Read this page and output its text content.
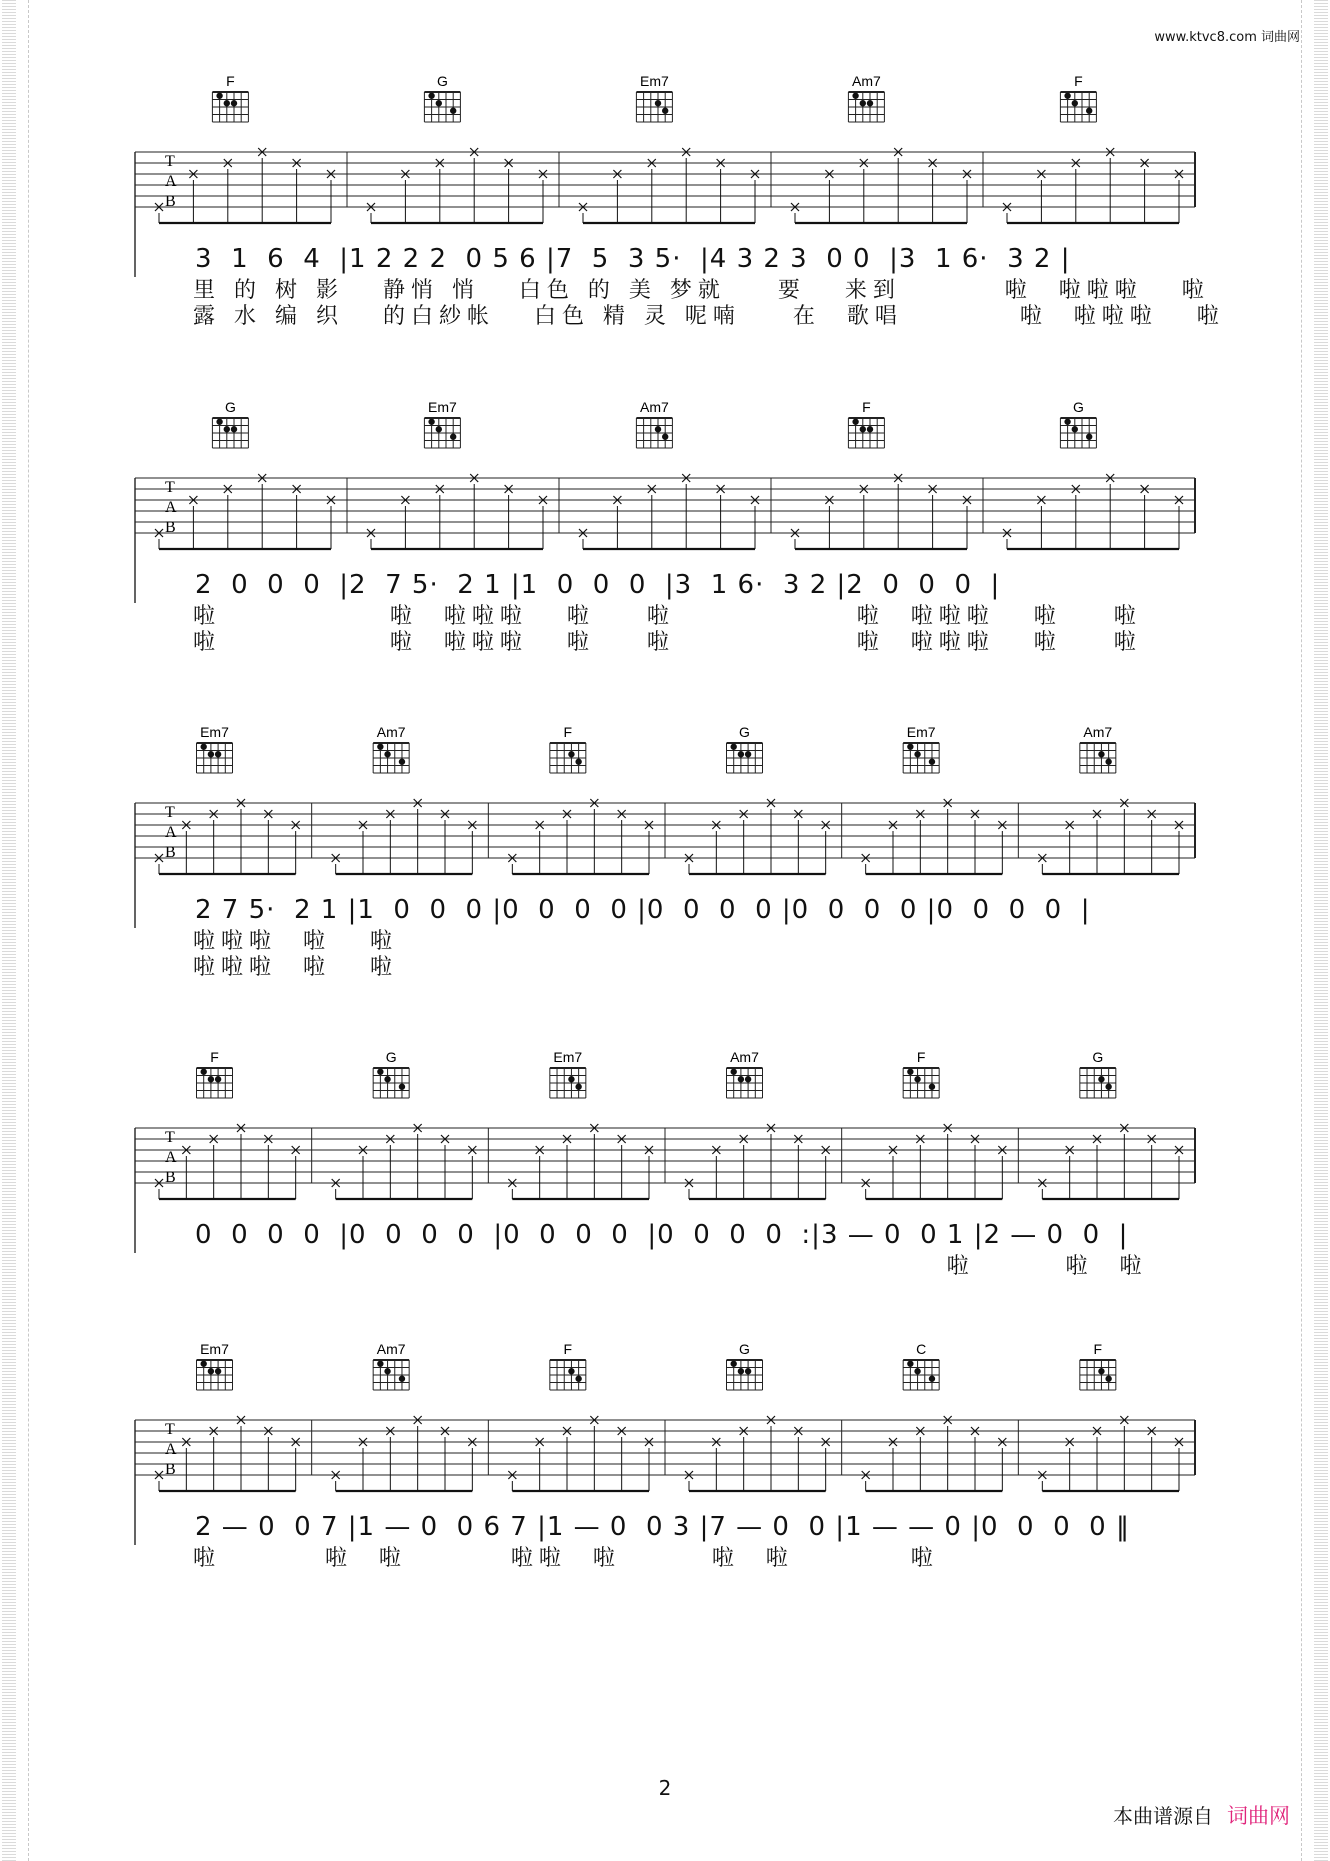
www.ktvc8.com 词曲网
T
A
B
F	G	Em7	Am7	F
3  1  6  4  |1 2 2 2  0 5 6 |7  5  3 5·  |4 3 2 3  0 0  |3  1 6·  3 2 |
里 的 树 影   静悄 悄   白色 的 美 梦就    要   来到        啦  啦啦啦   啦
露 水 编 织   的白紗帐   白色 精 灵 呢喃    在  歌唱         啦  啦啦啦   啦
T
A
B
G	Em7	Am7	F	G
2  0  0  0  |2  7 5·  2 1 |1  0  0  0  |3  1 6·  3 2 |2  0  0  0  |
啦             啦  啦啦啦   啦    啦              啦  啦啦啦   啦    啦
啦             啦  啦啦啦   啦    啦              啦  啦啦啦   啦    啦
T
A
B
Em7	Am7	F	G	Em7	Am7
2 7 5·  2 1 |1  0  0  0 |0  0  0  0 |0  0  0  0 |0  0  0  0 |0  0  0  0  |
啦啦啦  啦   啦
啦啦啦  啦   啦
T
A
B
F	G	Em7	Am7	F	G
0  0  0  0  |0  0  0  0  |0  0  0  0  |0  0  0  0  :|3 — 0  0 1 |2 — 0  0  |
啦       啦  啦
T
A
B
Em7	Am7	F	G	C	F
2 — 0  0 7 |1 — 0  0 6 7 |1 — 0  0 3 |7 — 0  0 |1 — — 0 |0  0  0  0 ‖
啦        啦  啦        啦啦  啦       啦  啦         啦
2
本曲谱源自 词曲网
